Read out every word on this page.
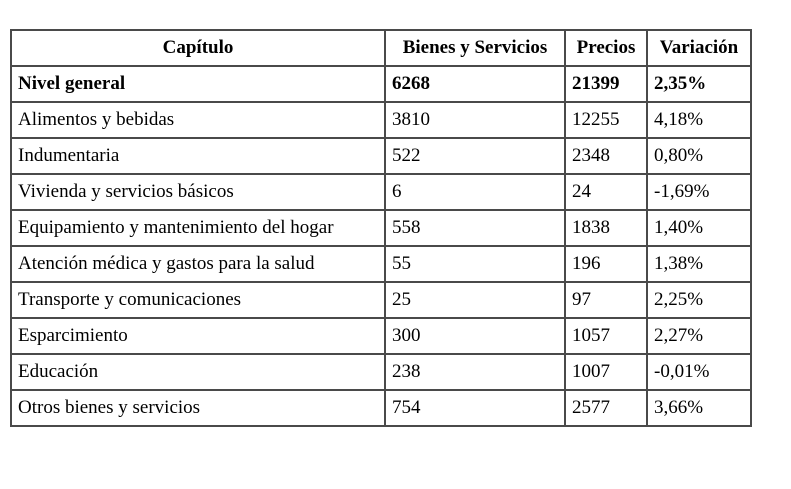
Capítulo	Bienes y Servicios	Precios	Variación
Nivel general	6268	21399	2,35%
Alimentos y bebidas	3810	12255	4,18%
Indumentaria	522	2348	0,80%
Vivienda y servicios básicos	6	24	-1,69%
Equipamiento y mantenimiento del hogar	558	1838	1,40%
Atención médica y gastos para la salud	55	196	1,38%
Transporte y comunicaciones	25	97	2,25%
Esparcimiento	300	1057	2,27%
Educación	238	1007	-0,01%
Otros bienes y servicios	754	2577	3,66%
